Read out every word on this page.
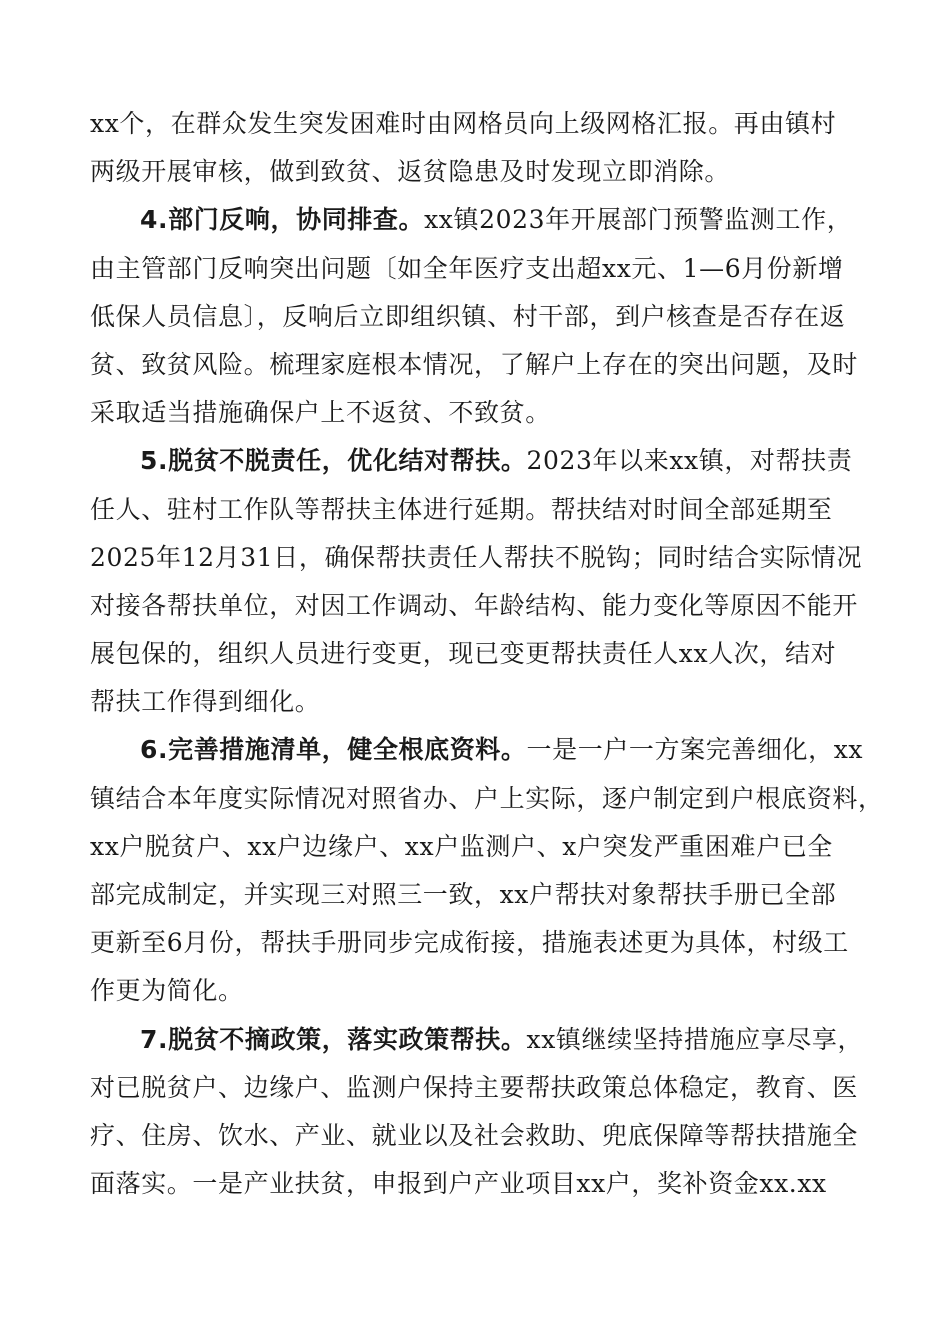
xx个，在群众发生突发困难时由网格员向上级网格汇报。再由镇村
两级开展审核，做到致贫、返贫隐患及时发现立即消除。
4.部门反响，协同排查。xx镇2023年开展部门预警监测工作，
由主管部门反响突出问题〔如全年医疗支出超xx元、1—6月份新增
低保人员信息〕，反响后立即组织镇、村干部，到户核查是否存在返
贫、致贫风险。梳理家庭根本情况，了解户上存在的突出问题，及时
采取适当措施确保户上不返贫、不致贫。
5.脱贫不脱责任，优化结对帮扶。2023年以来xx镇，对帮扶责
任人、驻村工作队等帮扶主体进行延期。帮扶结对时间全部延期至
2025年12月31日，确保帮扶责任人帮扶不脱钩；同时结合实际情况
对接各帮扶单位，对因工作调动、年龄结构、能力变化等原因不能开
展包保的，组织人员进行变更，现已变更帮扶责任人xx人次，结对
帮扶工作得到细化。
6.完善措施清单，健全根底资料。一是一户一方案完善细化，xx
镇结合本年度实际情况对照省办、户上实际，逐户制定到户根底资料，
xx户脱贫户、xx户边缘户、xx户监测户、x户突发严重困难户已全
部完成制定，并实现三对照三一致，xx户帮扶对象帮扶手册已全部
更新至6月份，帮扶手册同步完成衔接，措施表述更为具体，村级工
作更为简化。
7.脱贫不摘政策，落实政策帮扶。xx镇继续坚持措施应享尽享，
对已脱贫户、边缘户、监测户保持主要帮扶政策总体稳定，教育、医
疗、住房、饮水、产业、就业以及社会救助、兜底保障等帮扶措施全
面落实。一是产业扶贫，申报到户产业项目xx户，奖补资金xx.xx
